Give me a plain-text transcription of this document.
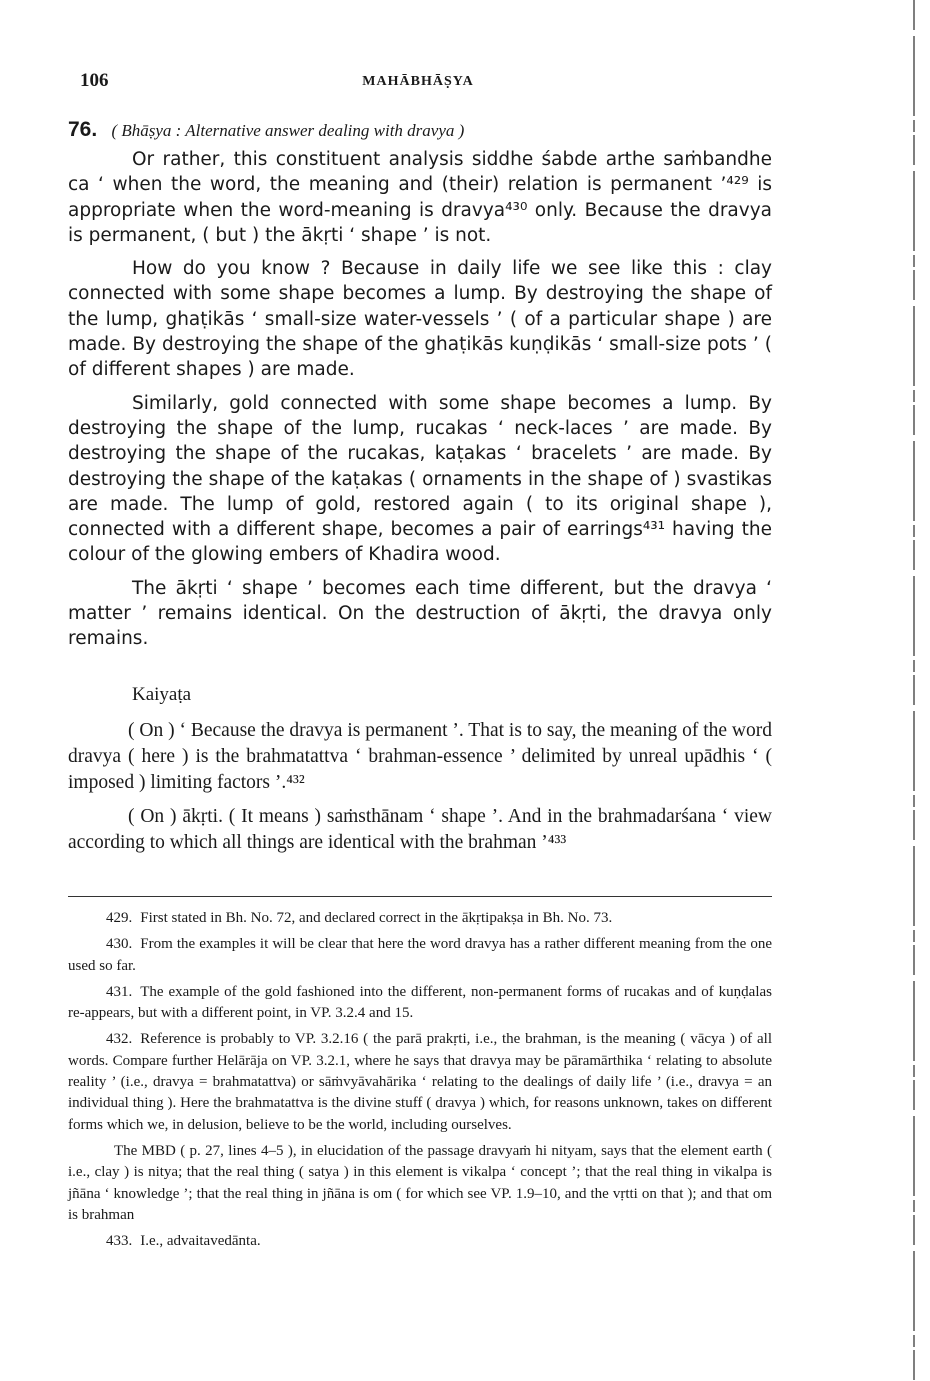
106	MAHĀBHĀṢYA
76. ( Bhāṣya : Alternative answer dealing with dravya )

Or rather, this constituent analysis siddhe śabde arthe saṁbandhe ca ‘ when the word, the meaning and (their) relation is permanent ’⁴²⁹ is appropriate when the word-meaning is dravya⁴³⁰ only. Because the dravya is permanent, ( but ) the ākṛti ‘ shape ’ is not.

How do you know ? Because in daily life we see like this : clay connected with some shape becomes a lump. By destroying the shape of the lump, ghaṭikās ‘ small-size water-vessels ’ ( of a particular shape ) are made. By destroying the shape of the ghaṭikās kuṇḍikās ‘ small-size pots ’ ( of different shapes ) are made.

Similarly, gold connected with some shape becomes a lump. By destroying the shape of the lump, rucakas ‘ neck-laces ’ are made. By destroying the shape of the rucakas, kaṭakas ‘ bracelets ’ are made. By destroying the shape of the kaṭakas ( ornaments in the shape of ) svastikas are made. The lump of gold, restored again ( to its original shape ), connected with a different shape, becomes a pair of earrings⁴³¹ having the colour of the glowing embers of Khadira wood.

The ākṛti ‘ shape ’ becomes each time different, but the dravya ‘ matter ’ remains identical. On the destruction of ākṛti, the dravya only remains.

Kaiyaṭa

( On ) ‘ Because the dravya is permanent ’. That is to say, the meaning of the word dravya ( here ) is the brahmatattva ‘ brahman-essence ’ delimited by unreal upādhis ‘ ( imposed ) limiting factors ’.⁴³²

( On ) ākṛti. ( It means ) saṁsthānam ‘ shape ’. And in the brahmadarśana ‘ view according to which all things are identical with the brahman ’⁴³³

429. First stated in Bh. No. 72, and declared correct in the ākṛtipakṣa in Bh. No. 73.
430. From the examples it will be clear that here the word dravya has a rather different meaning from the one used so far.
431. The example of the gold fashioned into the different, non-permanent forms of rucakas and of kuṇḍalas re-appears, but with a different point, in VP. 3.2.4 and 15.
432. Reference is probably to VP. 3.2.16 ( the parā prakṛti, i.e., the brahman, is the meaning ( vācya ) of all words. Compare further Helārāja on VP. 3.2.1, where he says that dravya may be pāramārthika ‘ relating to absolute reality ’ (i.e., dravya = brahmatattva) or sāṁvyāvahārika ‘ relating to the dealings of daily life ’ (i.e., dravya = an individual thing ). Here the brahmatattva is the divine stuff ( dravya ) which, for reasons unknown, takes on different forms which we, in delusion, believe to be the world, including ourselves.
The MBD ( p. 27, lines 4–5 ), in elucidation of the passage dravyaṁ hi nityam, says that the element earth ( i.e., clay ) is nitya; that the real thing ( satya ) in this element is vikalpa ‘ concept ’; that the real thing in vikalpa is jñāna ‘ knowledge ’; that the real thing in jñāna is om ( for which see VP. 1.9–10, and the vṛtti on that ); and that om is brahman
433. I.e., advaitavedānta.
